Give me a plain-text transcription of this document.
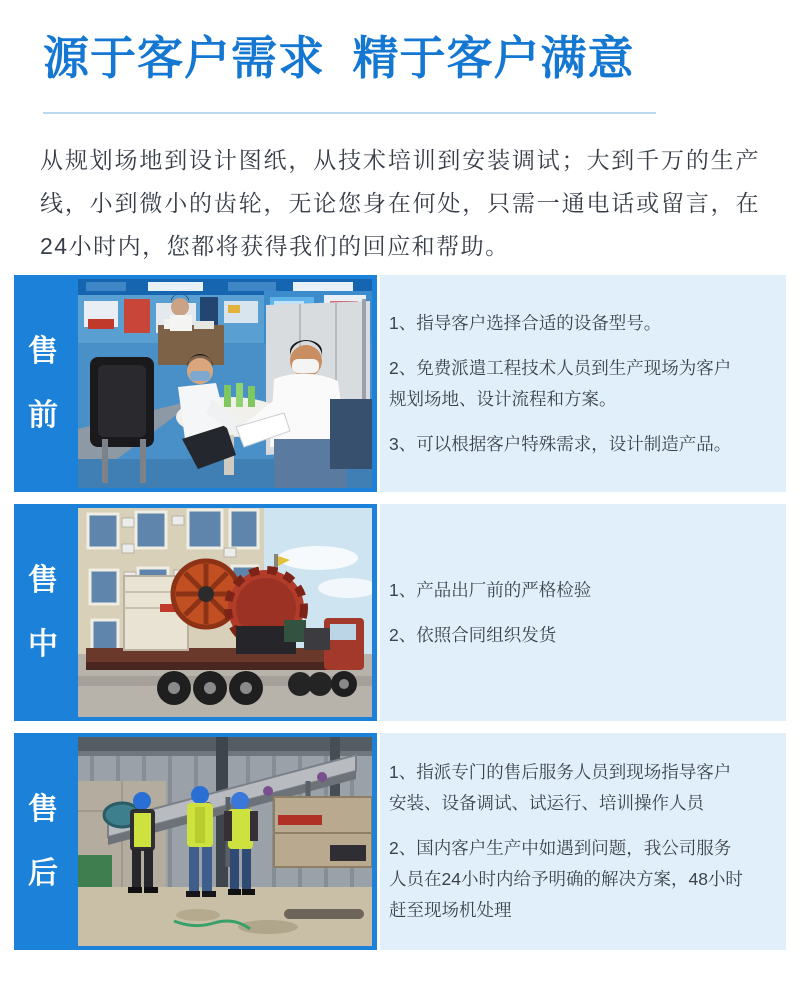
源于客户需求  精于客户满意

从规划场地到设计图纸，从技术培训到安装调试；大到千万的生产线，小到微小的齿轮，无论您身在何处，只需一通电话或留言，在24小时内，您都将获得我们的回应和帮助。

售前

1、指导客户选择合适的设备型号。

2、免费派遣工程技术人员到生产现场为客户规划场地、设计流程和方案。

3、可以根据客户特殊需求，设计制造产品。

售中

1、产品出厂前的严格检验

2、依照合同组织发货

售后

1、指派专门的售后服务人员到现场指导客户安装、设备调试、试运行、培训操作人员

2、国内客户生产中如遇到问题，我公司服务人员在24小时内给予明确的解决方案，48小时赶至现场机处理
